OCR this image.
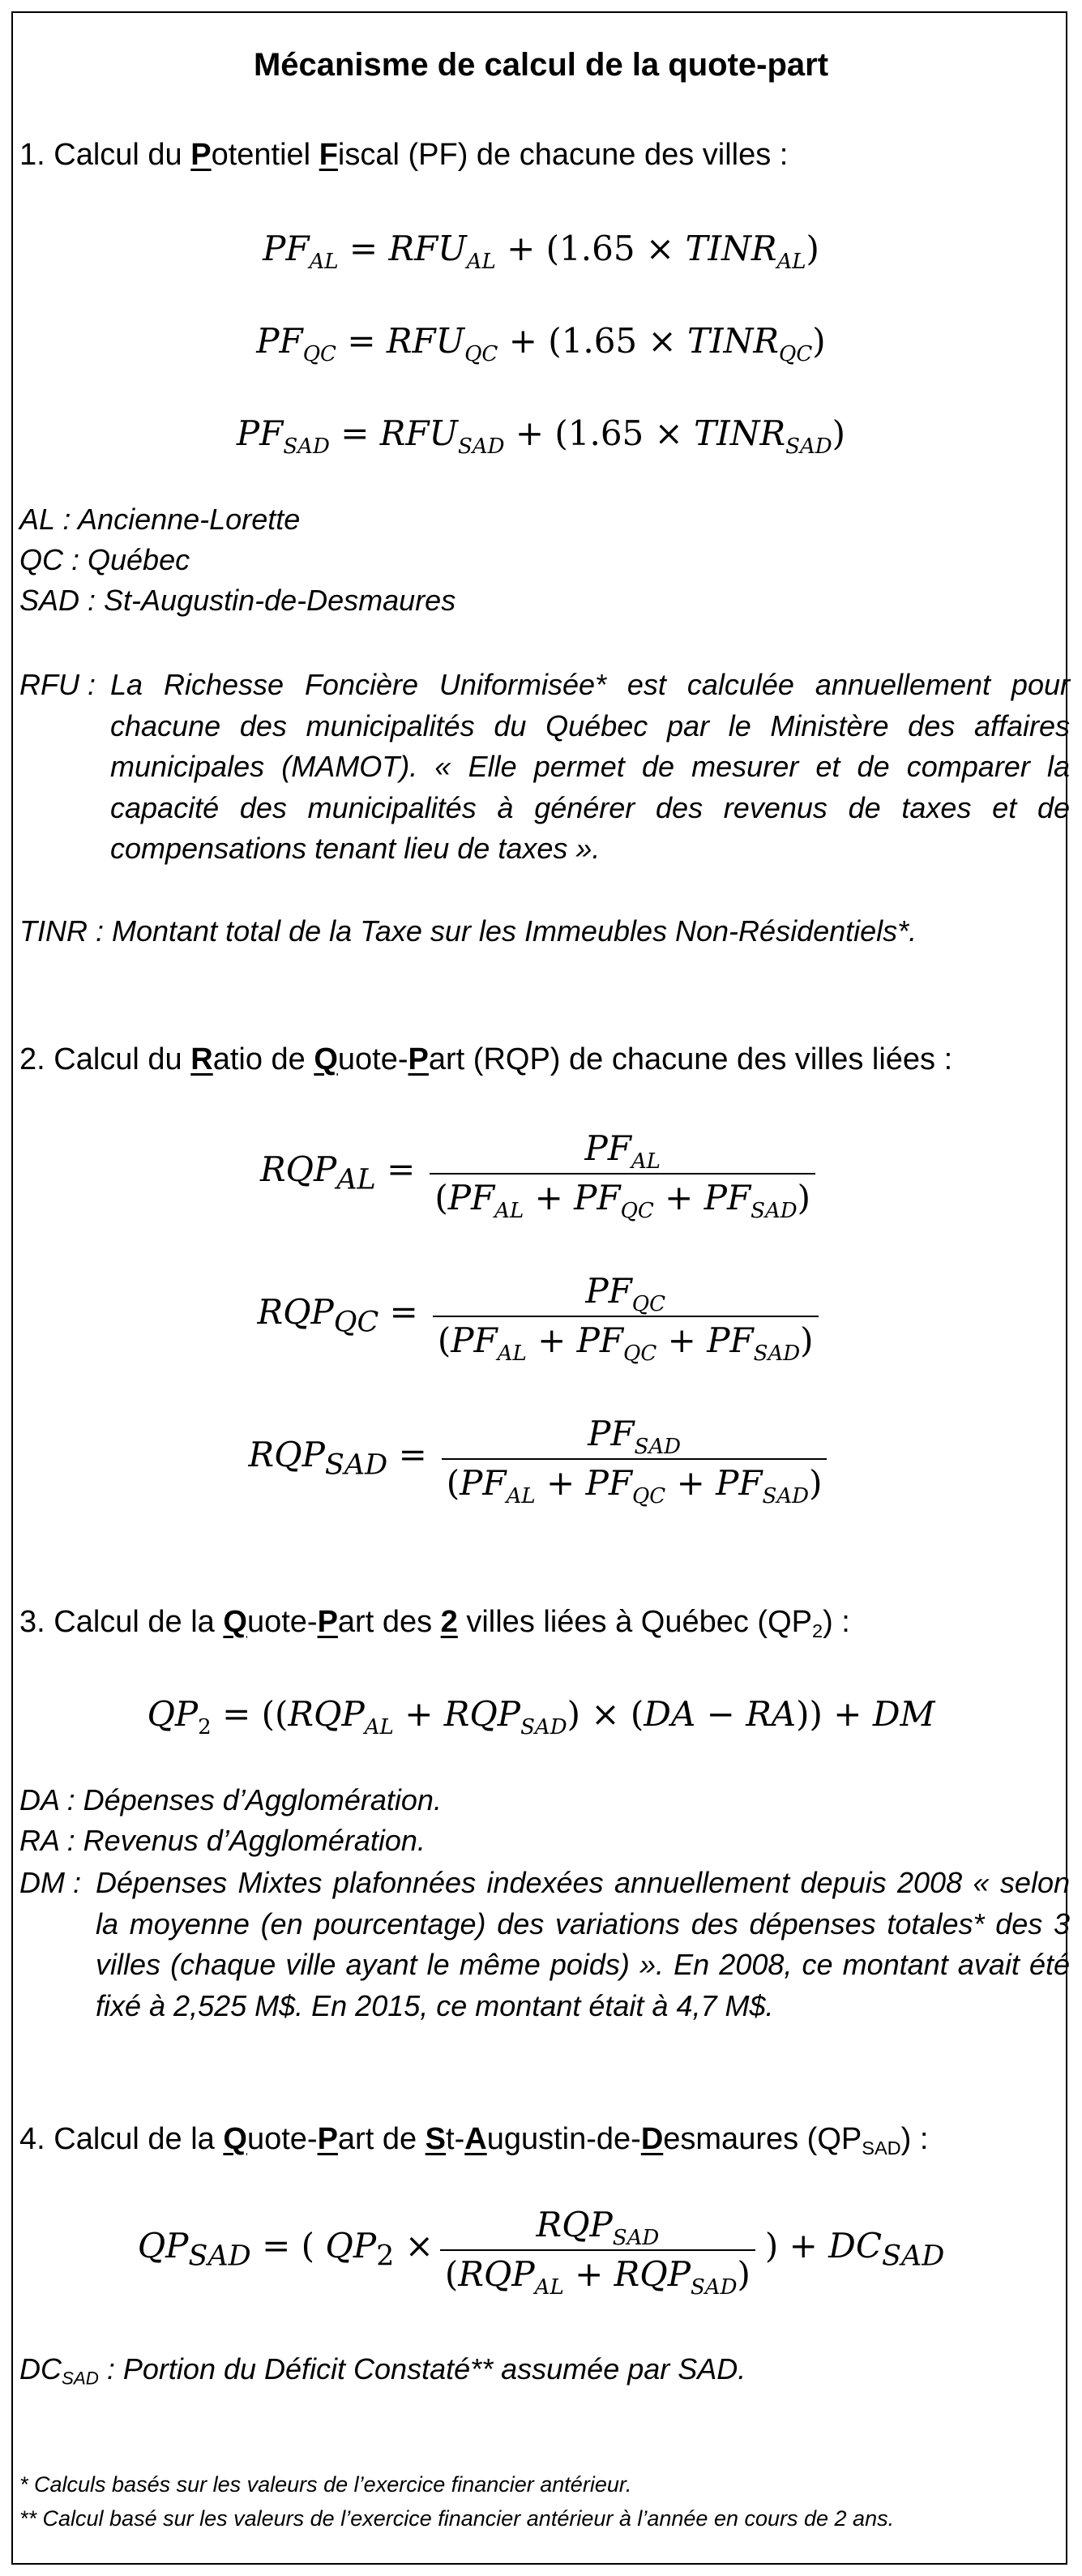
Mécanisme de calcul de la quote-part
1. Calcul du Potentiel Fiscal (PF) de chacune des villes :
$PF_{AL} = RFU_{AL} + (1.65$ × $TINR_{AL}$)
$PF_{QC} = RFU_{QC} + (1.65$ × $TINR_{QC}$)
$PF_{SAD} = RFU_{SAD} + (1.65$ × $TINR_{SAD}$)
AL : Ancienne-Lorette
QC : Québec
SAD : St-Augustin-de-Desmaures
RFU : La Richesse Foncière Uniformisée* est calculée annuellement pour chacune des municipalités du Québec par le Ministère des affaires municipales (MAMOT). « Elle permet de mesurer et de comparer la capacité des municipalités à générer des revenus de taxes et de compensations tenant lieu de taxes ».
TINR : Montant total de la Taxe sur les Immeubles Non-Résidentiels*.
2. Calcul du Ratio de Quote-Part (RQP) de chacune des villes liées :
$RQP_{AL} = \frac{PF_{AL}}{(PF_{AL} + PF_{QC} + PF_{SAD})}$
$RQP_{QC} = \frac{PF_{QC}}{(PF_{AL} + PF_{QC} + PF_{SAD})}$
$RQP_{SAD} = \frac{PF_{SAD}}{(PF_{AL} + PF_{QC} + PF_{SAD})}$
3. Calcul de la Quote-Part des 2 villes liées à Québec $(QP_2)$ :
$QP_2 = ((RQP_{AL} + RQP_{SAD}) \times (DA - RA))$ + DM
DA : Dépenses d’Agglomération.
RA : Revenus d’Agglomération.
DM : Dépenses Mixtes plafonnées indexées annuellement depuis 2008 « selon la moyenne (en pourcentage) des variations des dépenses totales* des 3 villes (chaque ville ayant le même poids) ». En 2008, ce montant avait été fixé à 2,525 M$. En 2015, ce montant était à 4,7 M$.
4. Calcul de la Quote-Part de St-Augustin-de-Desmaures $(QP_{SAD})$ :
$QP_{SAD}$ = ( $QP_2 \times \frac{RQP_{SAD}}{(RQP_{AL} + RQP_{SAD})}$ ) + $DC_{SAD}$
$DC_{SAD}$ : Portion du Déficit Constaté** assumée par SAD.
* Calculs basés sur les valeurs de l’exercice financier antérieur.
** Calcul basé sur les valeurs de l’exercice financier antérieur à l’année en cours de 2 ans.
